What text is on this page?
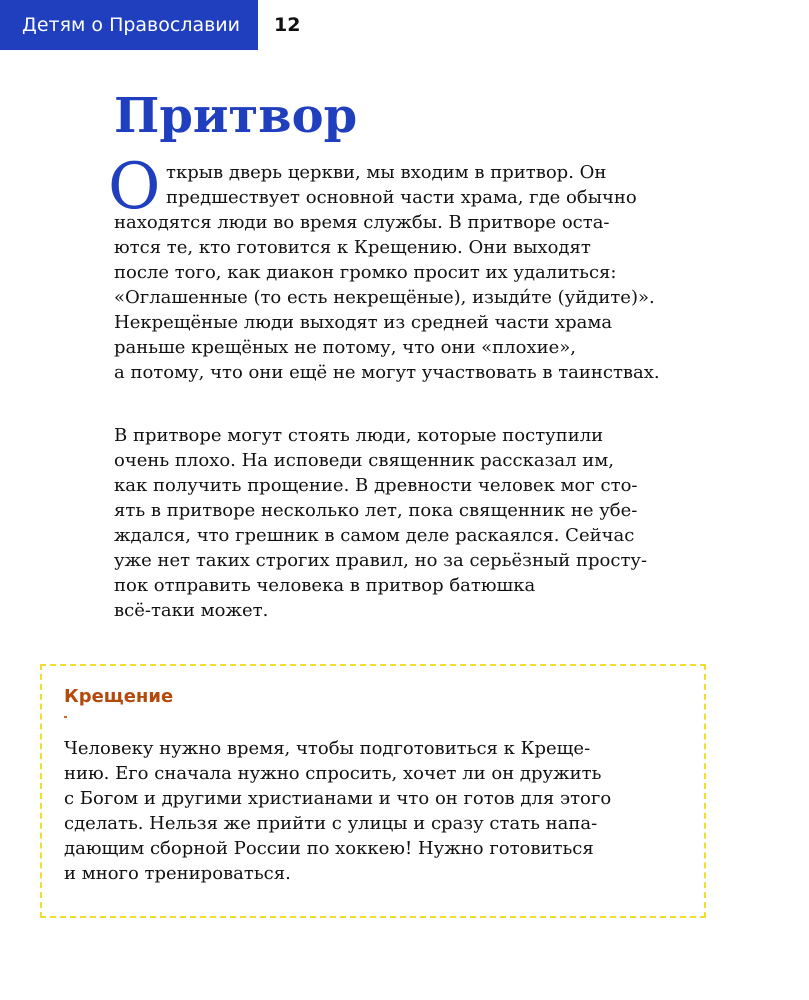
Детям о Православии	12
Притвор
О ткрыв дверь церкви, мы входим в притвор. Он
предшествует основной части храма, где обычно
находятся люди во время службы. В притворе оста-
ются те, кто готовится к Крещению. Они выходят
после того, как диакон громко просит их удалиться:
«Оглашенные (то есть некрещёные), изыди́те (уйдите)».
Некрещёные люди выходят из средней части храма
раньше крещёных не потому, что они «плохие»,
а потому, что они ещё не могут участвовать в таинствах.
В притворе могут стоять люди, которые поступили
очень плохо. На исповеди священник рассказал им,
как получить прощение. В древности человек мог сто-
ять в притворе несколько лет, пока священник не убе-
ждался, что грешник в самом деле раскаялся. Сейчас
уже нет таких строгих правил, но за серьёзный просту-
пок отправить человека в притвор батюшка
всё-таки может.
Крещение
Человеку нужно время, чтобы подготовиться к Креще-
нию. Его сначала нужно спросить, хочет ли он дружить
с Богом и другими христианами и что он готов для этого
сделать. Нельзя же прийти с улицы и сразу стать напа-
дающим сборной России по хоккею! Нужно готовиться
и много тренироваться.
